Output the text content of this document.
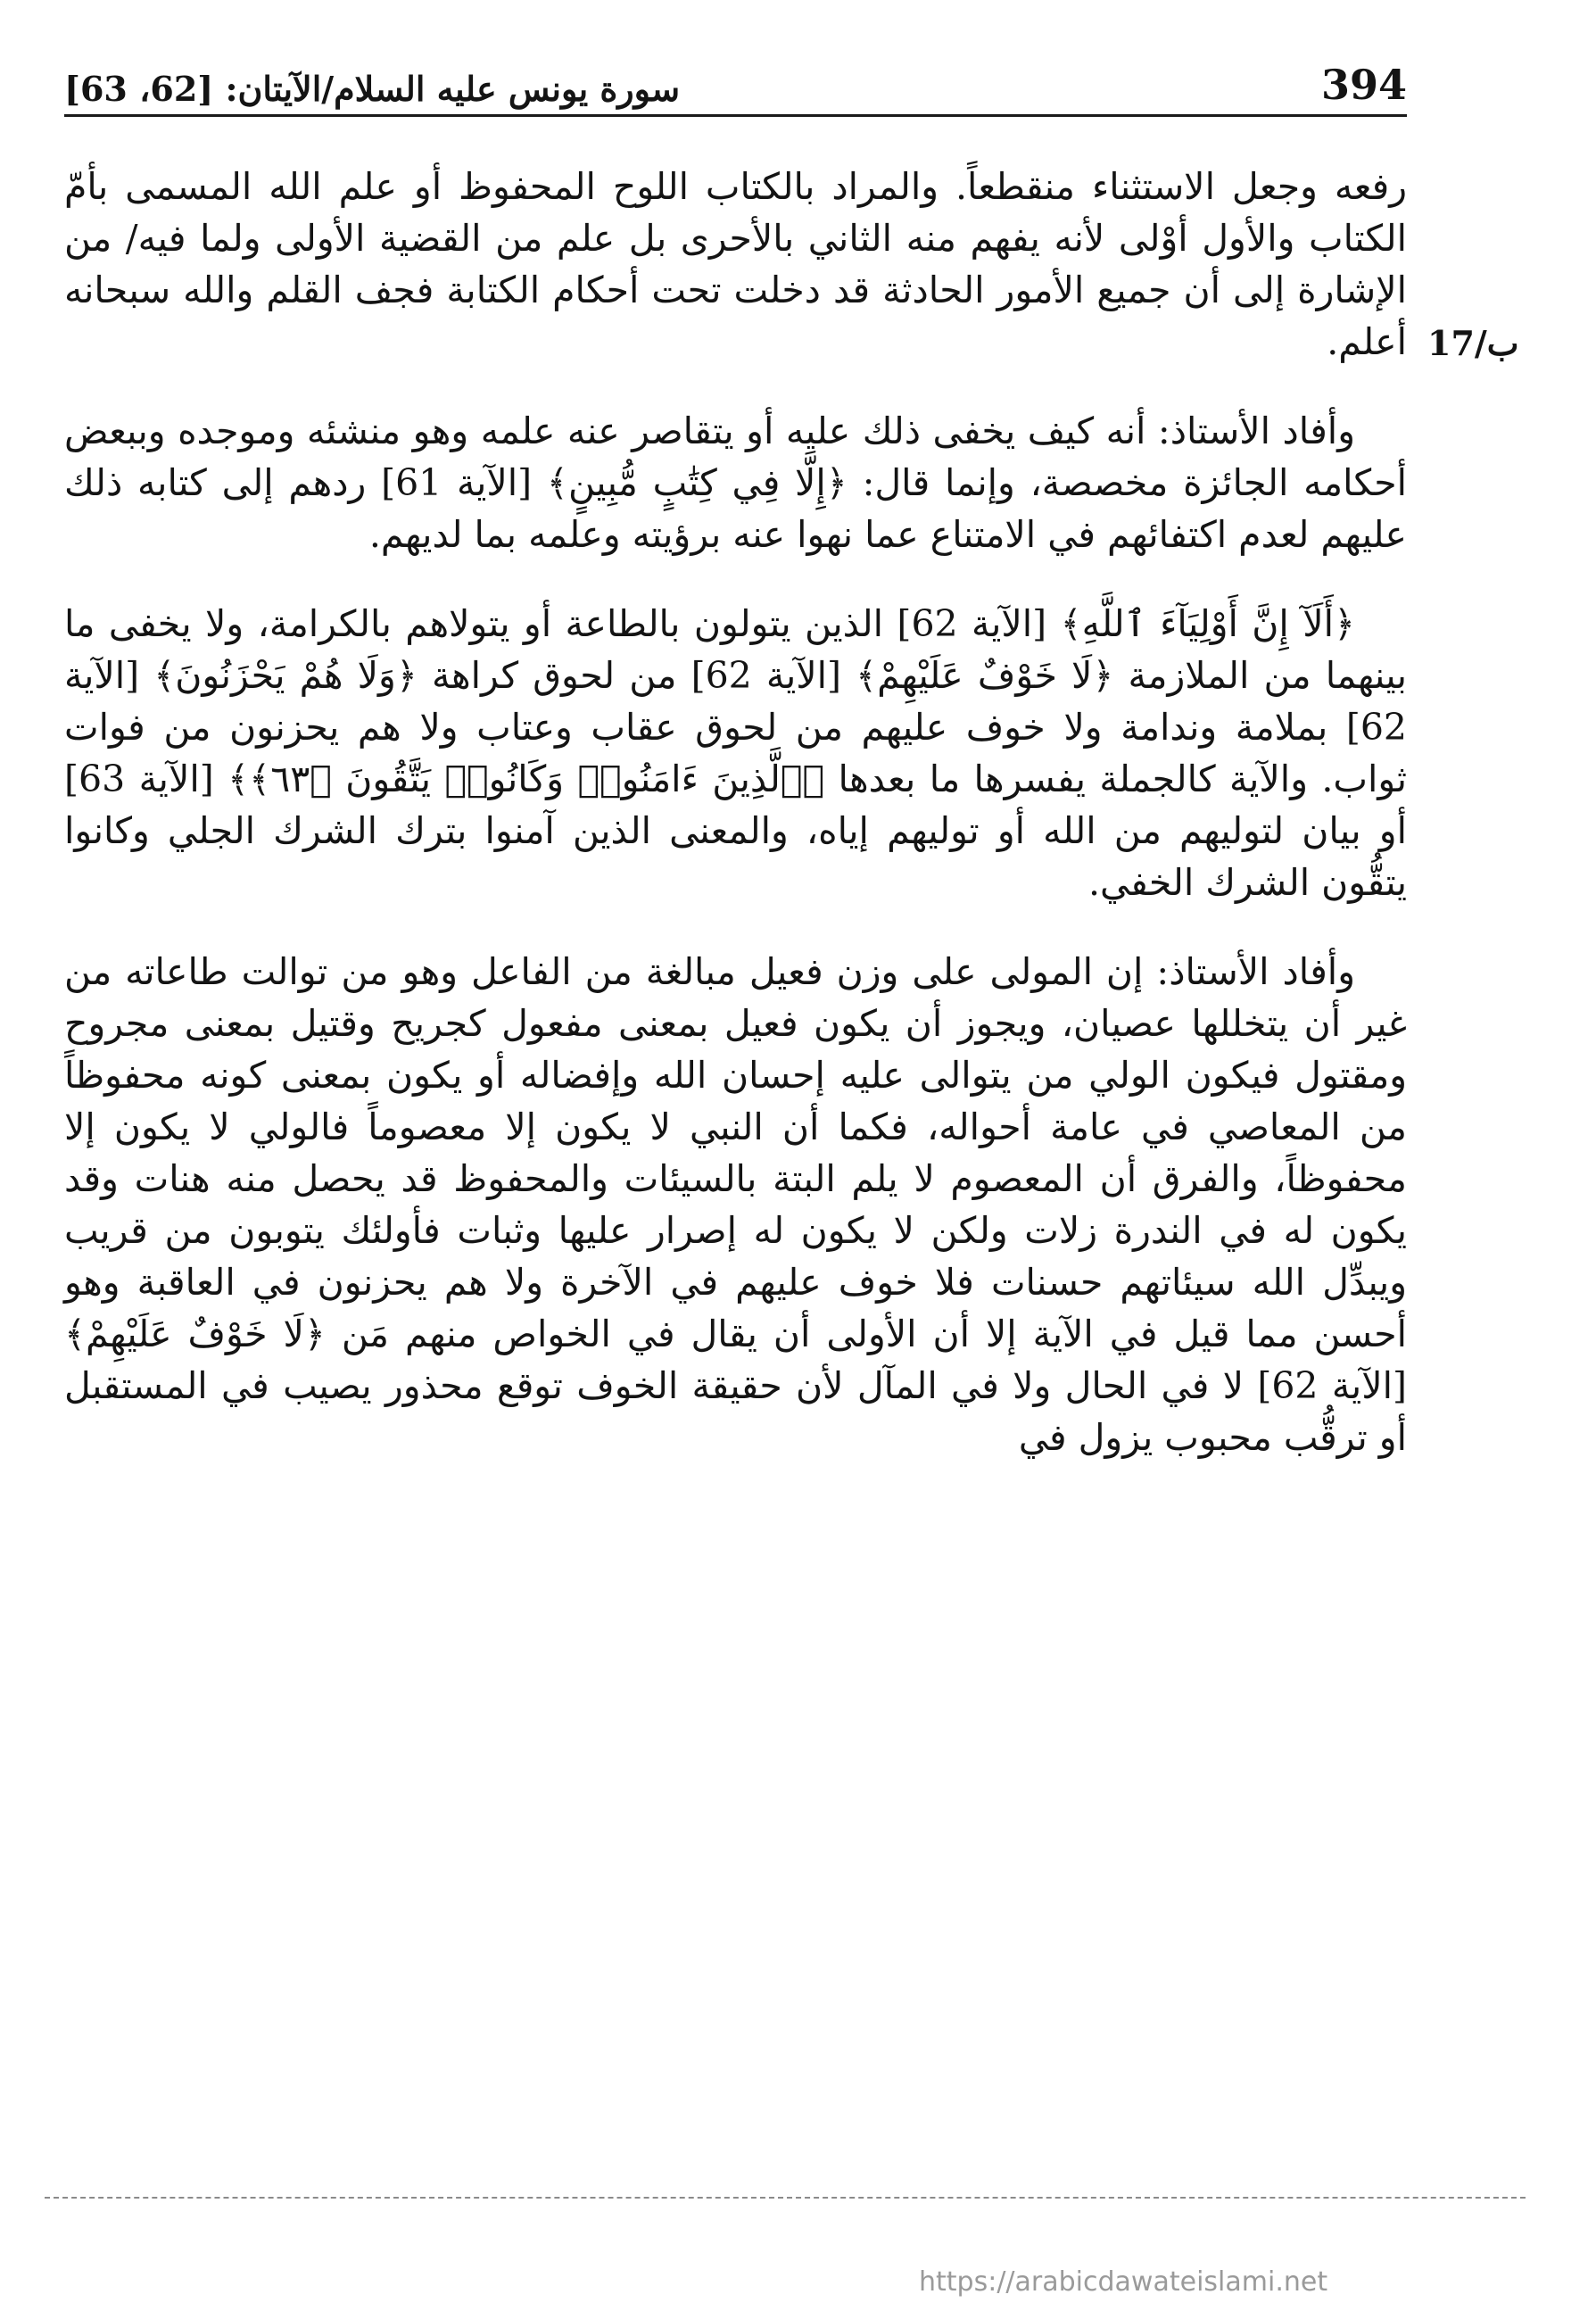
394
سورة يونس عليه السلام/الآيتان: [62، 63]
17/ب

رفعه وجعل الاستثناء منقطعاً. والمراد بالكتاب اللوح المحفوظ أو علم الله المسمى بأمّ الكتاب والأول أوْلى لأنه يفهم منه الثاني بالأحرى بل علم من القضية الأولى ولما فيه/ من الإشارة إلى أن جميع الأمور الحادثة قد دخلت تحت أحكام الكتابة فجف القلم والله سبحانه أعلم.

وأفاد الأستاذ: أنه كيف يخفى ذلك عليه أو يتقاصر عنه علمه وهو منشئه وموجده وببعض أحكامه الجائزة مخصصة، وإنما قال: ﴿إِلَّا فِي كِتَٰبٍ مُّبِينٍ﴾ [الآية 61] ردهم إلى كتابه ذلك عليهم لعدم اكتفائهم في الامتناع عما نهوا عنه برؤيته وعلمه بما لديهم.

﴿أَلَآ إِنَّ أَوْلِيَآءَ ٱللَّهِ﴾ [الآية 62] الذين يتولون بالطاعة أو يتولاهم بالكرامة، ولا يخفى ما بينهما من الملازمة ﴿لَا خَوْفٌ عَلَيْهِمْ﴾ [الآية 62] من لحوق كراهة ﴿وَلَا هُمْ يَحْزَنُونَ﴾ [الآية 62] بملامة وندامة ولا خوف عليهم من لحوق عقاب وعتاب ولا هم يحزنون من فوات ثواب. والآية كالجملة يفسرها ما بعدها ﴿ٱلَّذِينَ ءَامَنُوا۟ وَكَانُوا۟ يَتَّقُونَ ﴿٦٣﴾﴾ [الآية 63] أو بيان لتوليهم من الله أو توليهم إياه، والمعنى الذين آمنوا بترك الشرك الجلي وكانوا يتقُّون الشرك الخفي.

وأفاد الأستاذ: إن المولى على وزن فعيل مبالغة من الفاعل وهو من توالت طاعاته من غير أن يتخللها عصيان، ويجوز أن يكون فعيل بمعنى مفعول كجريح وقتيل بمعنى مجروح ومقتول فيكون الولي من يتوالى عليه إحسان الله وإفضاله أو يكون بمعنى كونه محفوظاً من المعاصي في عامة أحواله، فكما أن النبي لا يكون إلا معصوماً فالولي لا يكون إلا محفوظاً، والفرق أن المعصوم لا يلم البتة بالسيئات والمحفوظ قد يحصل منه هنات وقد يكون له في الندرة زلات ولكن لا يكون له إصرار عليها وثبات فأولئك يتوبون من قريب ويبدِّل الله سيئاتهم حسنات فلا خوف عليهم في الآخرة ولا هم يحزنون في العاقبة وهو أحسن مما قيل في الآية إلا أن الأولى أن يقال في الخواص منهم مَن ﴿لَا خَوْفٌ عَلَيْهِمْ﴾ [الآية 62] لا في الحال ولا في المآل لأن حقيقة الخوف توقع محذور يصيب في المستقبل أو ترقُّب محبوب يزول في

https://arabicdawateislami.net
